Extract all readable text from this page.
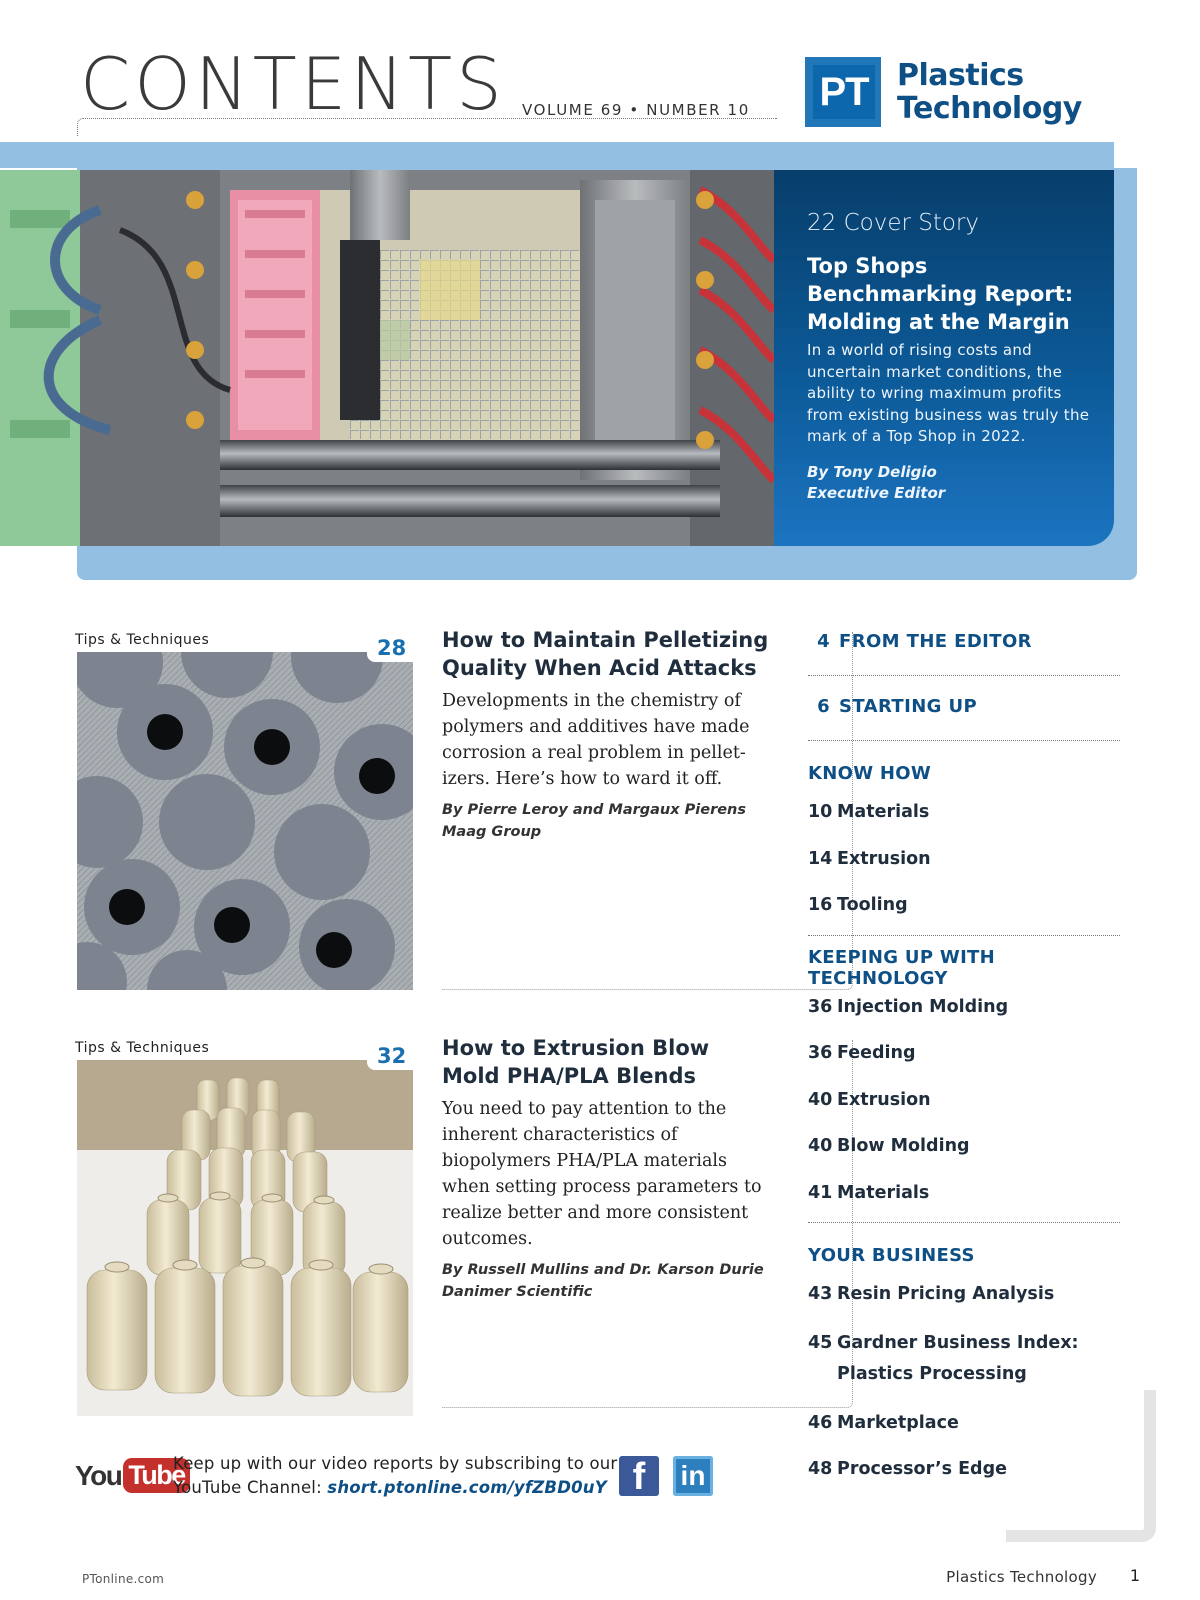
CONTENTS VOLUME 69 • NUMBER 10 PT Plastics
Technology
22 Cover Story
Top Shops Benchmarking Report: Molding at the Margin
In a world of rising costs and uncertain market conditions, the ability to wring maximum profits from existing business was truly the mark of a Top Shop in 2022.
By Tony Deligio
Executive Editor
Tips & Techniques	28	How to Maintain Pelletizing Quality When Acid Attacks
Developments in the chemistry of polymers and additives have made corrosion a real problem in pellet-izers. Here’s how to ward it off.
By Pierre Leroy and Margaux Pierens
Maag Group
Tips & Techniques	32	How to Extrusion Blow Mold PHA/PLA Blends
You need to pay attention to the inherent characteristics of biopolymers PHA/PLA materials when setting process parameters to realize better and more consistent outcomes.
By Russell Mullins and Dr. Karson Durie
Danimer Scientific
4 FROM THE EDITOR
6 STARTING UP
KNOW HOW
10 Materials
14 Extrusion
16 Tooling
KEEPING UP WITH TECHNOLOGY
36 Injection Molding
36 Feeding
40 Extrusion
40 Blow Molding
41 Materials
YOUR BUSINESS
43 Resin Pricing Analysis
45 Gardner Business Index:
Plastics Processing
46 Marketplace
48 Processor’s Edge
You Tube
Keep up with our video reports by subscribing to our
YouTube Channel: short.ptonline.com/yfZBD0uY f	in
PTonline.com	Plastics Technology 1
